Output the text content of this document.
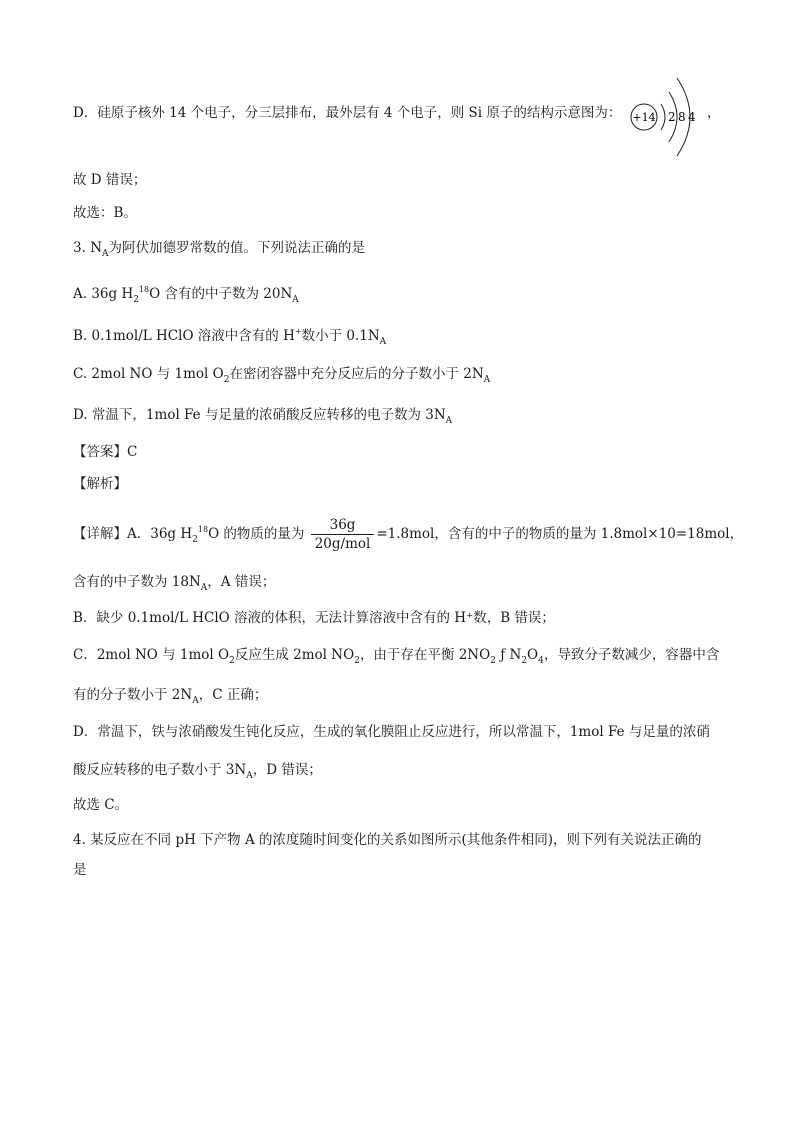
D．硅原子核外 14 个电子，分三层排布，最外层有 4 个电子，则 Si 原子的结构示意图为： +14 2 8 4 ，
故 D 错误；
故选：B。
3. $N_A$为阿伏加德罗常数的值。下列说法正确的是
A. 36g $H_2^{18}O$ 含有的中子数为 $20N_A$
B. 0.1mol/L HClO 溶液中含有的 H+数小于 $0.1N_A$
C. 2mol NO 与 1mol $O_2$在密闭容器中充分反应后的分子数小于 $2N_A$
D. 常温下，1mol Fe 与足量的浓硝酸反应转移的电子数为 $3N_A$
【答案】C
【解析】
【详解】A．36g $H_2^{18}O$ 的物质的量为 $\frac{36g}{\text{20g/mol}} =1.8mol$，含有的中子的物质的量为 1.8mol×10=18mol，
含有的中子数为 $18N_A$，A 错误；
B．缺少 0.1mol/L HClO 溶液的体积，无法计算溶液中含有的 H⁺数，B 错误；
C．2mol NO 与 1mol $O_2$反应生成 2mol $NO_2$，由于存在平衡 $2NO_2$ ƒ $N_2O_4$，导致分子数减少，容器中含
有的分子数小于 $2N_A$，C 正确；
D．常温下，铁与浓硝酸发生钝化反应，生成的氧化膜阻止反应进行，所以常温下，1mol Fe 与足量的浓硝
酸反应转移的电子数小于 $3N_A$，D 错误；
故选 C。
4. 某反应在不同 pH 下产物 A 的浓度随时间变化的关系如图所示(其他条件相同)，则下列有关说法正确的
是
